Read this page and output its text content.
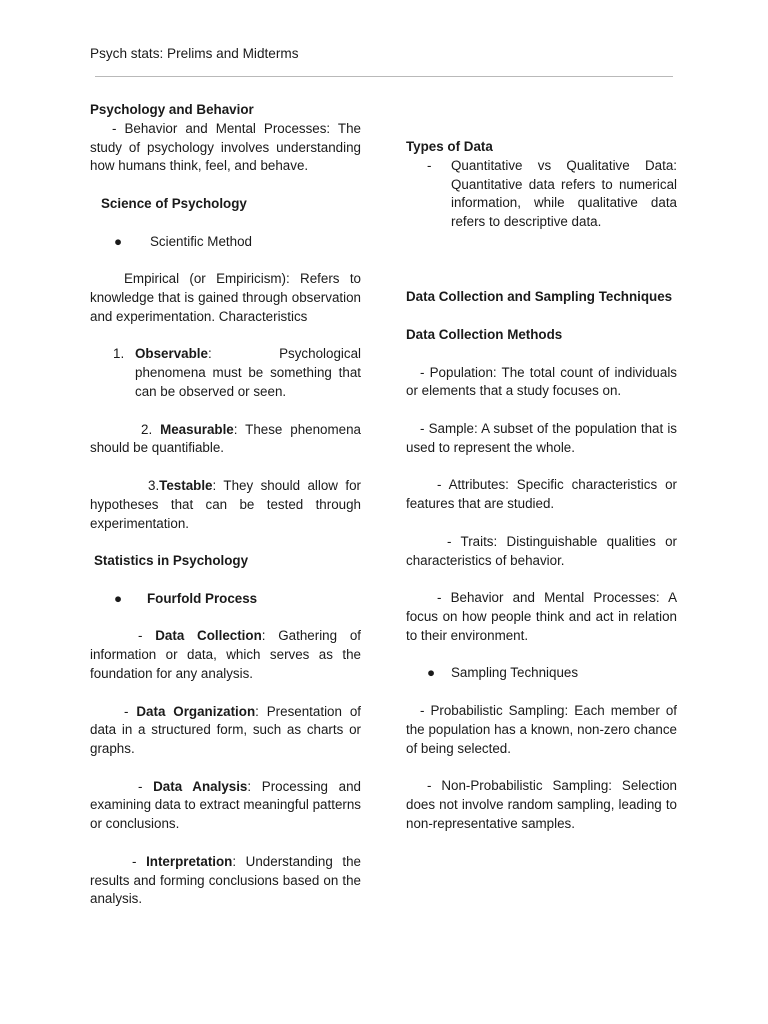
Psych stats: Prelims and Midterms

Psychology and Behavior

- Behavior and Mental Processes: The study of psychology involves understanding how humans think, feel, and behave.

Science of Psychology

●	Scientific Method

Empirical (or Empiricism): Refers to knowledge that is gained through observation and experimentation. Characteristics

1. Observable: Psychological phenomena must be something that can be observed or seen.

2. Measurable: These phenomena should be quantifiable.

3.Testable: They should allow for hypotheses that can be tested through experimentation.

Statistics in Psychology

●	Fourfold Process

- Data Collection: Gathering of information or data, which serves as the foundation for any analysis.

- Data Organization: Presentation of data in a structured form, such as charts or graphs.

- Data Analysis: Processing and examining data to extract meaningful patterns or conclusions.

- Interpretation: Understanding the results and forming conclusions based on the analysis.

Types of Data

-	Quantitative vs Qualitative Data: Quantitative data refers to numerical information, while qualitative data refers to descriptive data.

Data Collection and Sampling Techniques

Data Collection Methods

- Population: The total count of individuals or elements that a study focuses on.

- Sample: A subset of the population that is used to represent the whole.

- Attributes: Specific characteristics or features that are studied.

- Traits: Distinguishable qualities or characteristics of behavior.

- Behavior and Mental Processes: A focus on how people think and act in relation to their environment.

●	Sampling Techniques

- Probabilistic Sampling: Each member of the population has a known, non-zero chance of being selected.

- Non-Probabilistic Sampling: Selection does not involve random sampling, leading to non-representative samples.
